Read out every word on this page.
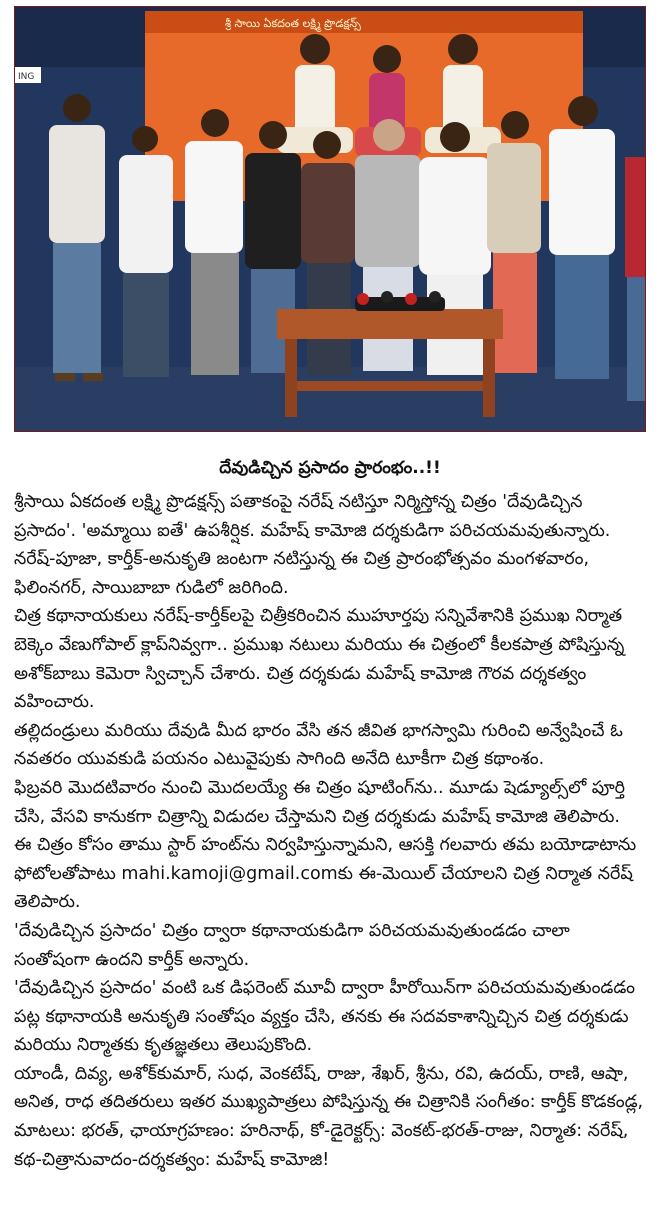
శ్రీ సాయి ఏకదంత లక్ష్మి ప్రొడక్షన్స్
ING

దేవుడిచ్చిన ప్రసాదం ప్రారంభం..!!

శ్రీసాయి ఏకదంత లక్ష్మి ప్రొడక్షన్స్ పతాకంపై నరేష్ నటిస్తూ నిర్మిస్తోన్న చిత్రం 'దేవుడిచ్చిన ప్రసాదం'. 'అమ్మాయి ఐతే' ఉపశీర్షిక. మహేష్ కామోజి దర్శకుడిగా పరిచయమవుతున్నారు. నరేష్-పూజా, కార్తీక్-అనుకృతి జంటగా నటిస్తున్న ఈ చిత్ర ప్రారంభోత్సవం మంగళవారం, ఫిలింనగర్, సాయిబాబా గుడిలో జరిగింది.

చిత్ర కథానాయకులు నరేష్-కార్తీక్‌లపై చిత్రీకరించిన ముహూర్తపు సన్నివేశానికి ప్రముఖ నిర్మాత బెక్కెం వేణుగోపాల్ క్లాప్‌నివ్వగా.. ప్రముఖ నటులు మరియు ఈ చిత్రంలో కీలకపాత్ర పోషిస్తున్న అశోక్‌బాబు కెమెరా స్విచ్చాన్ చేశారు. చిత్ర దర్శకుడు మహేష్ కామోజి గౌరవ దర్శకత్వం వహించారు.

తల్లిదండ్రులు మరియు దేవుడి మీద భారం వేసి తన జీవిత భాగస్వామి గురించి అన్వేషించే ఓ నవతరం యువకుడి పయనం ఎటువైపుకు సాగింది అనేది టూకీగా చిత్ర కథాంశం.

ఫిబ్రవరి మొదటివారం నుంచి మొదలయ్యే ఈ చిత్రం షూటింగ్‌ను.. మూడు షెడ్యూల్స్‌లో పూర్తి చేసి, వేసవి కానుకగా చిత్రాన్ని విడుదల చేస్తామని చిత్ర దర్శకుడు మహేష్ కామోజి తెలిపారు.

ఈ చిత్రం కోసం తాము స్టార్ హంట్‌ను నిర్వహిస్తున్నామని, ఆసక్తి గలవారు తమ బయోడాటాను ఫోటోలతోపాటు mahi.kamoji@gmail.comకు ఈ-మెయిల్ చేయాలని చిత్ర నిర్మాత నరేష్ తెలిపారు.

'దేవుడిచ్చిన ప్రసాదం' చిత్రం ద్వారా కథానాయకుడిగా పరిచయమవుతుండడం చాలా సంతోషంగా ఉందని కార్తీక్ అన్నారు.

'దేవుడిచ్చిన ప్రసాదం' వంటి ఒక డిఫరెంట్ మూవీ ద్వారా హీరోయిన్‌గా పరిచయమవుతుండడం పట్ల కథానాయకి అనుకృతి సంతోషం వ్యక్తం చేసి, తనకు ఈ సదవకాశాన్నిచ్చిన చిత్ర దర్శకుడు మరియు నిర్మాతకు కృతజ్ఞతలు తెలుపుకొంది.

యాండీ, దివ్య, అశోక్‌కుమార్, సుధ, వెంకటేష్, రాజు, శేఖర్, శ్రీను, రవి, ఉదయ్, రాణి, ఆషా, అనిత, రాధ తదితరులు ఇతర ముఖ్యపాత్రలు పోషిస్తున్న ఈ చిత్రానికి సంగీతం: కార్తీక్ కొడకండ్ల, మాటలు: భరత్, ఛాయాగ్రహణం: హరినాథ్, కో-డైరెక్టర్స్: వెంకట్-భరత్-రాజు, నిర్మాత: నరేష్, కథ-చిత్రానువాదం-దర్శకత్వం: మహేష్ కామోజి!
